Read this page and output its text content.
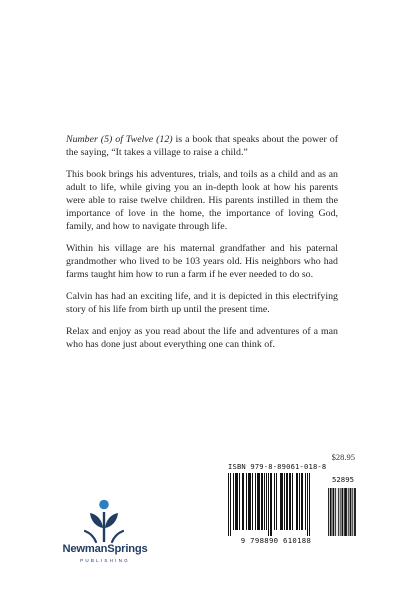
Number (5) of Twelve (12) is a book that speaks about the power of the saying, “It takes a village to raise a child.”

This book brings his adventures, trials, and toils as a child and as an adult to life, while giving you an in-depth look at how his parents were able to raise twelve children. His parents instilled in them the importance of love in the home, the importance of loving God, family, and how to navigate through life.

Within his village are his maternal grandfather and his paternal grandmother who lived to be 103 years old. His neighbors who had farms taught him how to run a farm if he ever needed to do so.

Calvin has had an exciting life, and it is depicted in this electrifying story of his life from birth up until the present time.

Relax and enjoy as you read about the life and adventures of a man who has done just about everything one can think of.

$28.95
ISBN 979-8-89061-018-8
52895
9 798890 610188
NewmanSprings
PUBLISHING
